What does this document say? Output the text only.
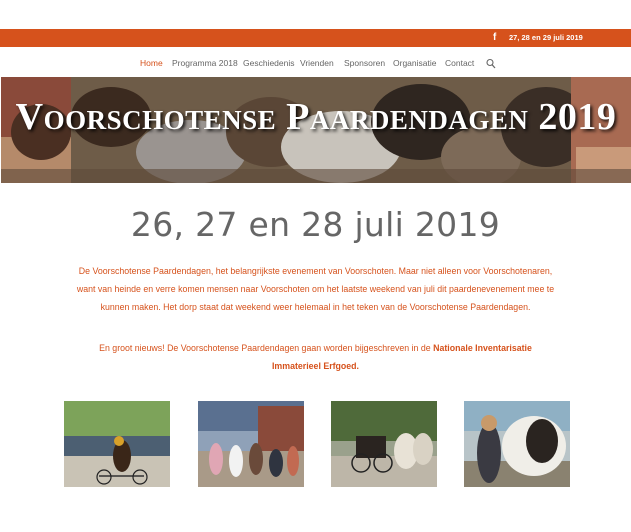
f 27, 28 en 29 juli 2019
Home Programma 2018 Geschiedenis Vrienden Sponsoren Organisatie Contact
Voorschotense Paardendagen 2019
26, 27 en 28 juli 2019
De Voorschotense Paardendagen, het belangrijkste evenement van Voorschoten. Maar niet alleen voor Voorschotenaren, want van heinde en verre komen mensen naar Voorschoten om het laatste weekend van juli dit paardenevenement mee te kunnen maken. Het dorp staat dat weekend weer helemaal in het teken van de Voorschotense Paardendagen.
En groot nieuws! De Voorschotense Paardendagen gaan worden bijgeschreven in de Nationale Inventarisatie Immaterieel Erfgoed.
